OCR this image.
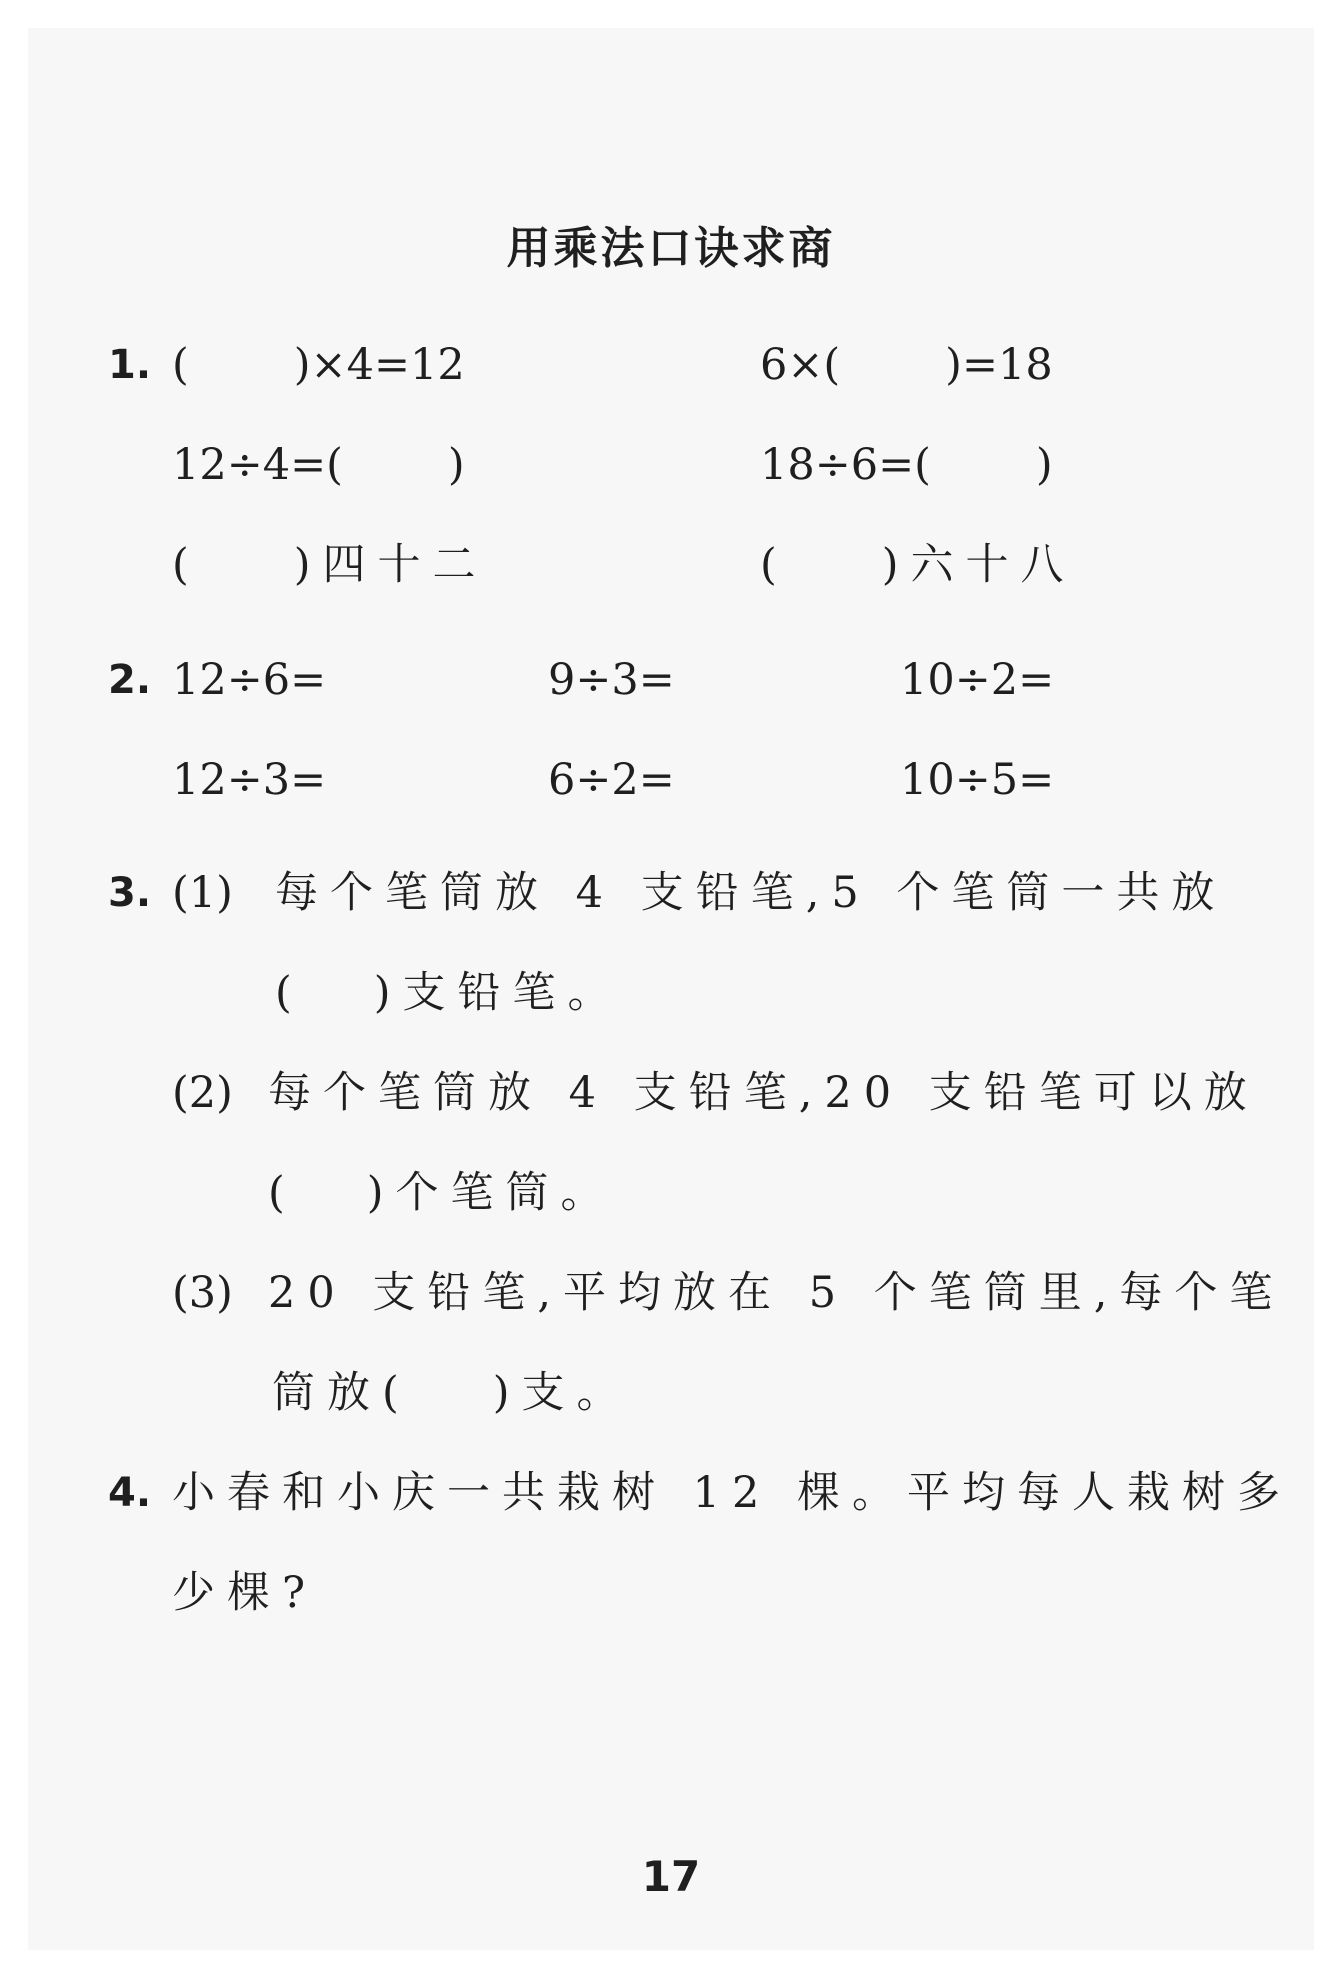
用乘法口诀求商
1. ( )×4=12	6×( )=18
12÷4=( )	18÷6=( )
( )四十二	( )六十八
2. 12÷6=	9÷3=	10÷2=
12÷3=	6÷2=	10÷5=
3. (1) 每个笔筒放 4 支铅笔,5 个笔筒一共放
( )支铅笔。
(2) 每个笔筒放 4 支铅笔,20 支铅笔可以放
( )个笔筒。
(3) 20 支铅笔,平均放在 5 个笔筒里,每个笔
筒放( )支。
4. 小春和小庆一共栽树 12 棵。平均每人栽树多
少棵?
17
